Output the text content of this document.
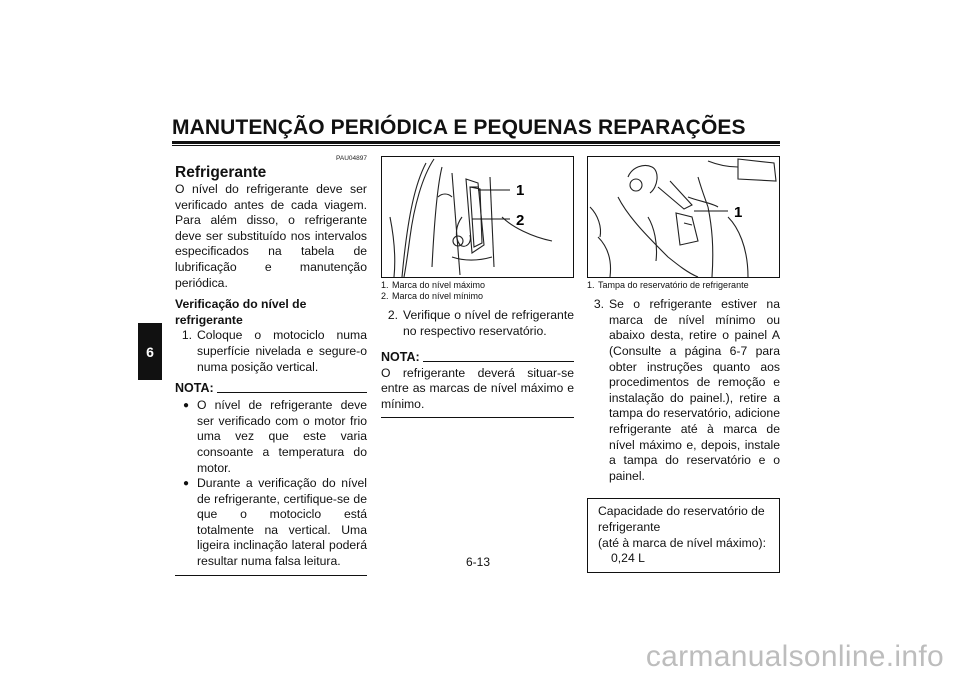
MANUTENÇÃO PERIÓDICA E PEQUENAS REPARAÇÕES
6
PAU04897
Refrigerante
O nível do refrigerante deve ser verificado antes de cada viagem. Para além disso, o refrigerante deve ser substituído nos intervalos especificados na tabela de lubrificação e manutenção periódica.
Verificação do nível de refrigerante
1. Coloque o motociclo numa superfície nivelada e segure-o numa posição vertical.
NOTA:
● O nível de refrigerante deve ser verificado com o motor frio uma vez que este varia consoante a temperatura do motor.
● Durante a verificação do nível de refrigerante, certifique-se de que o motociclo está totalmente na vertical. Uma ligeira inclinação lateral poderá resultar numa falsa leitura.
1
2
1. Marca do nível máximo
2. Marca do nível mínimo
2. Verifique o nível de refrigerante no respectivo reservatório.
NOTA:
O refrigerante deverá situar-se entre as marcas de nível máximo e mínimo.
1
1. Tampa do reservatório de refrigerante
3. Se o refrigerante estiver na marca de nível mínimo ou abaixo desta, retire o painel A (Consulte a página 6-7 para obter instruções quanto aos procedimentos de remoção e instalação do painel.), retire a tampa do reservatório, adicione refrigerante até à marca de nível máximo e, depois, instale a tampa do reservatório e o painel.
Capacidade do reservatório de refrigerante
(até à marca de nível máximo):
0,24 L
6-13
carmanualsonline.info
